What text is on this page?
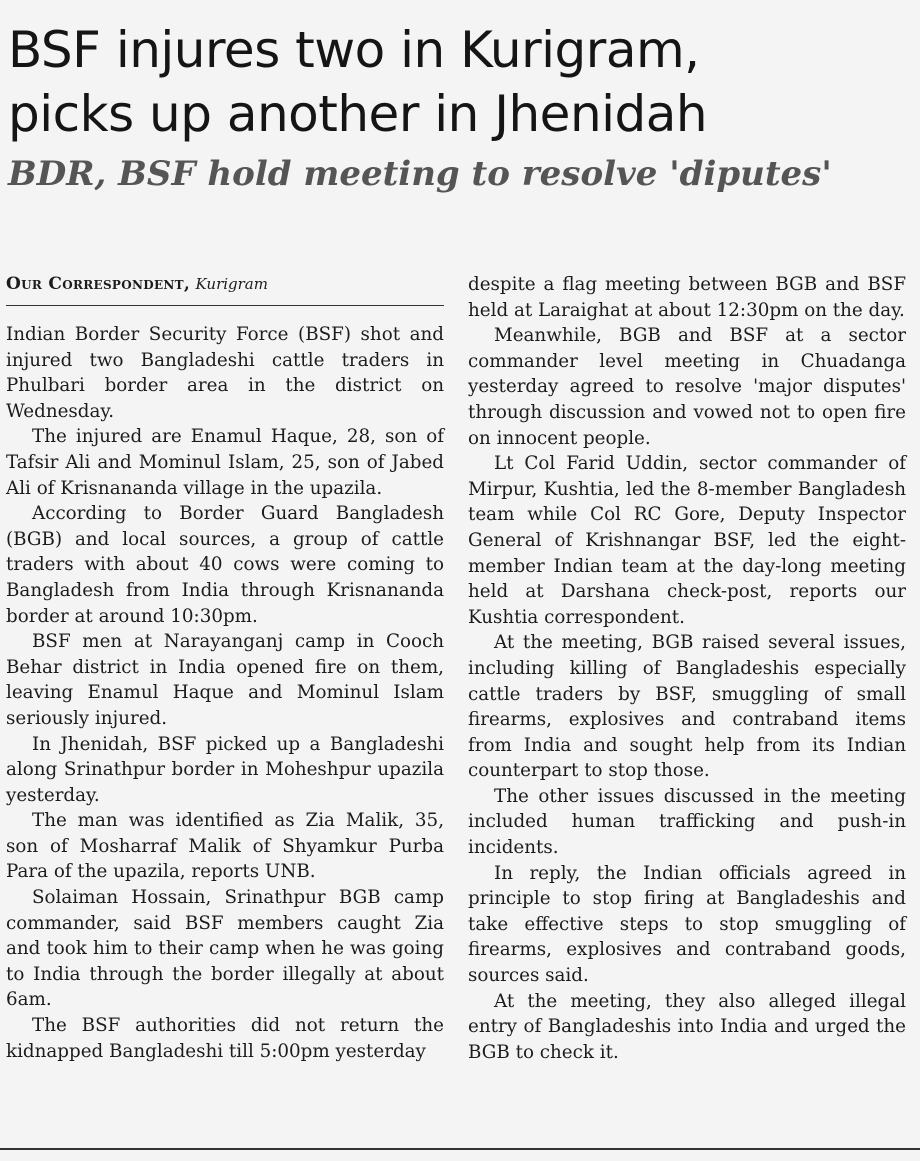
BSF injures two in Kurigram,
picks up another in Jhenidah
BDR, BSF hold meeting to resolve 'diputes'
Our Correspondent, Kurigram

Indian Border Security Force (BSF) shot and injured two Bangladeshi cattle traders in Phulbari border area in the district on Wednesday.

The injured are Enamul Haque, 28, son of Tafsir Ali and Mominul Islam, 25, son of Jabed Ali of Krisnananda village in the upazila.

According to Border Guard Bangladesh (BGB) and local sources, a group of cattle traders with about 40 cows were coming to Bangladesh from India through Krisnananda border at around 10:30pm.

BSF men at Narayanganj camp in Cooch Behar district in India opened fire on them, leaving Enamul Haque and Mominul Islam seriously injured.

In Jhenidah, BSF picked up a Bangladeshi along Srinathpur border in Moheshpur upazila yesterday.

The man was identified as Zia Malik, 35, son of Mosharraf Malik of Shyamkur Purba Para of the upazila, reports UNB.

Solaiman Hossain, Srinathpur BGB camp commander, said BSF members caught Zia and took him to their camp when he was going to India through the border illegally at about 6am.

The BSF authorities did not return the kidnapped Bangladeshi till 5:00pm yesterday

despite a flag meeting between BGB and BSF held at Laraighat at about 12:30pm on the day.

Meanwhile, BGB and BSF at a sector commander level meeting in Chuadanga yesterday agreed to resolve 'major disputes' through discussion and vowed not to open fire on innocent people.

Lt Col Farid Uddin, sector commander of Mirpur, Kushtia, led the 8-member Bangladesh team while Col RC Gore, Deputy Inspector General of Krishnangar BSF, led the eight-member Indian team at the day-long meeting held at Darshana check-post, reports our Kushtia correspondent.

At the meeting, BGB raised several issues, including killing of Bangladeshis especially cattle traders by BSF, smuggling of small firearms, explosives and contraband items from India and sought help from its Indian counterpart to stop those.

The other issues discussed in the meeting included human trafficking and push-in incidents.

In reply, the Indian officials agreed in principle to stop firing at Bangladeshis and take effective steps to stop smuggling of firearms, explosives and contraband goods, sources said.

At the meeting, they also alleged illegal entry of Bangladeshis into India and urged the BGB to check it.
